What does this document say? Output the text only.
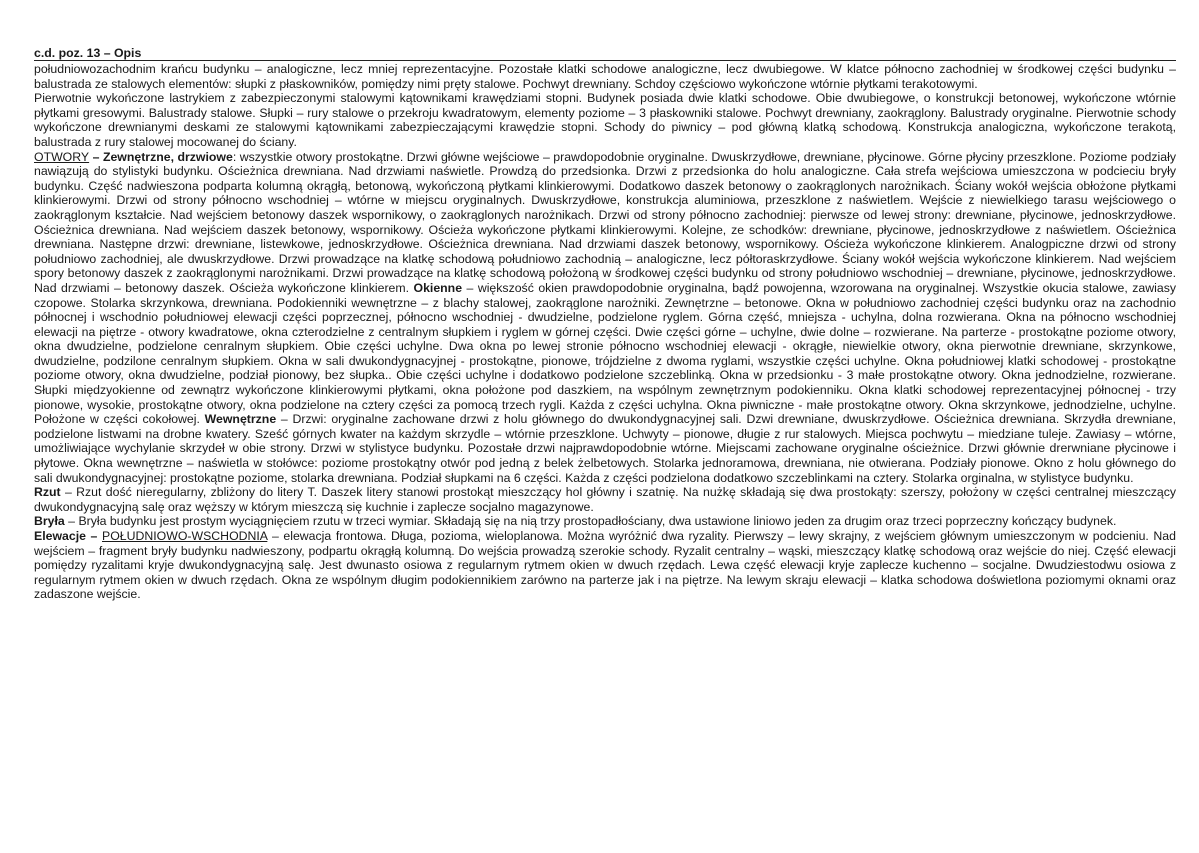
c.d. poz. 13 – Opis

południowozachodnim krańcu budynku – analogiczne, lecz mniej reprezentacyjne. Pozostałe klatki schodowe analogiczne, lecz dwubiegowe. W klatce północno zachodniej w środkowej części budynku – balustrada ze stalowych elementów: słupki z płaskowników, pomiędzy nimi pręty stalowe. Pochwyt drewniany. Schdoy częściowo wykończone wtórnie płytkami terakotowymi.

Pierwotnie wykończone lastrykiem z zabezpieczonymi stalowymi kątownikami krawędziami stopni. Budynek posiada dwie klatki schodowe. Obie dwubiegowe, o konstrukcji betonowej, wykończone wtórnie płytkami gresowymi. Balustrady stalowe. Słupki – rury stalowe o przekroju kwadratowym, elementy poziome – 3 płaskowniki stalowe. Pochwyt drewniany, zaokrąglony. Balustrady oryginalne. Pierwotnie schody wykończone drewnianymi deskami ze stalowymi kątownikami zabezpieczającymi krawędzie stopni. Schody do piwnicy – pod główną klatką schodową. Konstrukcja analogiczna, wykończone terakotą, balustrada z rury stalowej mocowanej do ściany.

OTWORY – Zewnętrzne, drzwiowe: wszystkie otwory prostokątne. Drzwi główne wejściowe – prawdopodobnie oryginalne. Dwuskrzydłowe, drewniane, płycinowe. Górne płyciny przeszklone. Poziome podziały nawiązują do stylistyki budynku. Ościeżnica drewniana. Nad drzwiami naświetle. Prowdzą do przedsionka. Drzwi z przedsionka do holu analogiczne. Cała strefa wejściowa umieszczona w podcieciu bryły budynku. Część nadwieszona podparta kolumną okrągłą, betonową, wykończoną płytkami klinkierowymi. Dodatkowo daszek betonowy o zaokrąglonych narożnikach. Ściany wokół wejścia obłożone płytkami klinkierowymi. Drzwi od strony północno wschodniej – wtórne w miejscu oryginalnych. Dwuskrzydłowe, konstrukcja aluminiowa, przeszklone z naświetlem. Wejście z niewielkiego tarasu wejściowego o zaokrąglonym kształcie. Nad wejściem betonowy daszek wspornikowy, o zaokrąglonych narożnikach. Drzwi od strony północno zachodniej: pierwsze od lewej strony: drewniane, płycinowe, jednoskrzydłowe. Ościeżnica drewniana. Nad wejściem daszek betonowy, wspornikowy. Ościeża wykończone płytkami klinkierowymi. Kolejne, ze schodków: drewniane, płycinowe, jednoskrzydłowe z naświetlem. Ościeżnica drewniana. Następne drzwi: drewniane, listewkowe, jednoskrzydłowe. Ościeżnica drewniana. Nad drzwiami daszek betonowy, wspornikowy. Ościeża wykończone klinkierem. Analogpiczne drzwi od strony południowo zachodniej, ale dwuskrzydłowe. Drzwi prowadzące na klatkę schodową południowo zachodnią – analogiczne, lecz półtoraskrzydłowe. Ściany wokół wejścia wykończone klinkierem. Nad wejściem spory betonowy daszek z zaokrąglonymi narożnikami. Drzwi prowadzące na klatkę schodową położoną w środkowej części budynku od strony południowo wschodniej – drewniane, płycinowe, jednoskrzydłowe. Nad drzwiami – betonowy daszek. Ościeża wykończone klinkierem. Okienne – większość okien prawdopodobnie oryginalna, bądź powojenna, wzorowana na oryginalnej. Wszystkie okucia stalowe, zawiasy czopowe. Stolarka skrzynkowa, drewniana. Podokienniki wewnętrzne – z blachy stalowej, zaokrąglone narożniki. Zewnętrzne – betonowe. Okna w południowo zachodniej części budynku oraz na zachodnio północnej i wschodnio południowej elewacji części poprzecznej, północno wschodniej - dwudzielne, podzielone ryglem. Górna część, mniejsza - uchylna, dolna rozwierana. Okna na północno wschodniej elewacji na piętrze - otwory kwadratowe, okna czterodzielne z centralnym słupkiem i ryglem w górnej części. Dwie części górne – uchylne, dwie dolne – rozwierane. Na parterze - prostokątne poziome otwory, okna dwudzielne, podzielone cenralnym słupkiem. Obie części uchylne. Dwa okna po lewej stronie północno wschodniej elewacji - okrągłe, niewielkie otwory, okna pierwotnie drewniane, skrzynkowe, dwudzielne, podzilone cenralnym słupkiem. Okna w sali dwukondygnacyjnej - prostokątne, pionowe, trójdzielne z dwoma ryglami, wszystkie części uchylne. Okna południowej klatki schodowej - prostokątne poziome otwory, okna dwudzielne, podział pionowy, bez słupka.. Obie części uchylne i dodatkowo podzielone szczeblinką. Okna w przedsionku - 3 małe prostokątne otwory. Okna jednodzielne, rozwierane. Słupki międzyokienne od zewnątrz wykończone klinkierowymi płytkami, okna położone pod daszkiem, na wspólnym zewnętrznym podokienniku. Okna klatki schodowej reprezentacyjnej północnej - trzy pionowe, wysokie, prostokątne otwory, okna podzielone na cztery części za pomocą trzech rygli. Każda z części uchylna. Okna piwniczne - małe prostokątne otwory. Okna skrzynkowe, jednodzielne, uchylne. Położone w części cokołowej. Wewnętrzne – Drzwi: oryginalne zachowane drzwi z holu głównego do dwukondygnacyjnej sali. Dzwi drewniane, dwuskrzydłowe. Ościeżnica drewniana. Skrzydła drewniane, podzielone listwami na drobne kwatery. Sześć górnych kwater na każdym skrzydle – wtórnie przeszklone. Uchwyty – pionowe, długie z rur stalowych. Miejsca pochwytu – miedziane tuleje. Zawiasy – wtórne, umożliwiające wychylanie skrzydeł w obie strony. Drzwi w stylistyce budynku. Pozostałe drzwi najprawdopodobnie wtórne. Miejscami zachowane oryginalne ościeżnice. Drzwi głównie drerwniane płycinowe i płytowe. Okna wewnętrzne – naświetla w stołówce: poziome prostokątny otwór pod jedną z belek żelbetowych. Stolarka jednoramowa, drewniana, nie otwierana. Podziały pionowe. Okno z holu głównego do sali dwukondygnacyjnej: prostokątne poziome, stolarka drewniana. Podział słupkami na 6 części. Każda z części podzielona dodatkowo szczeblinkami na cztery. Stolarka orginalna, w stylistyce budynku.

Rzut – Rzut dość nieregularny, zbliżony do litery T. Daszek litery stanowi prostokąt mieszczący hol główny i szatnię. Na nużkę składają się dwa prostokąty: szerszy, położony w części centralnej mieszczący dwukondygnacyjną salę oraz węższy w którym mieszczą się kuchnie i zaplecze socjalno magazynowe.

Bryła – Bryła budynku jest prostym wyciągnięciem rzutu w trzeci wymiar. Składają się na nią trzy prostopadłościany, dwa ustawione liniowo jeden za drugim oraz trzeci poprzeczny kończący budynek.

Elewacje – POŁUDNIOWO-WSCHODNIA – elewacja frontowa. Długa, pozioma, wieloplanowa. Można wyróżnić dwa ryzality. Pierwszy – lewy skrajny, z wejściem głównym umieszczonym w podcieniu. Nad wejściem – fragment bryły budynku nadwieszony, podpartu okrągłą kolumną. Do wejścia prowadzą szerokie schody. Ryzalit centralny – wąski, mieszczący klatkę schodową oraz wejście do niej. Część elewacji pomiędzy ryzalitami kryje dwukondygnacyjną salę. Jest dwunasto osiowa z regularnym rytmem okien w dwuch rzędach. Lewa część elewacji kryje zaplecze kuchenno – socjalne. Dwudziestodwu osiowa z regularnym rytmem okien w dwuch rzędach. Okna ze wspólnym długim podokiennikiem zarówno na parterze jak i na piętrze. Na lewym skraju elewacji – klatka schodowa doświetlona poziomymi oknami oraz zadaszone wejście.
